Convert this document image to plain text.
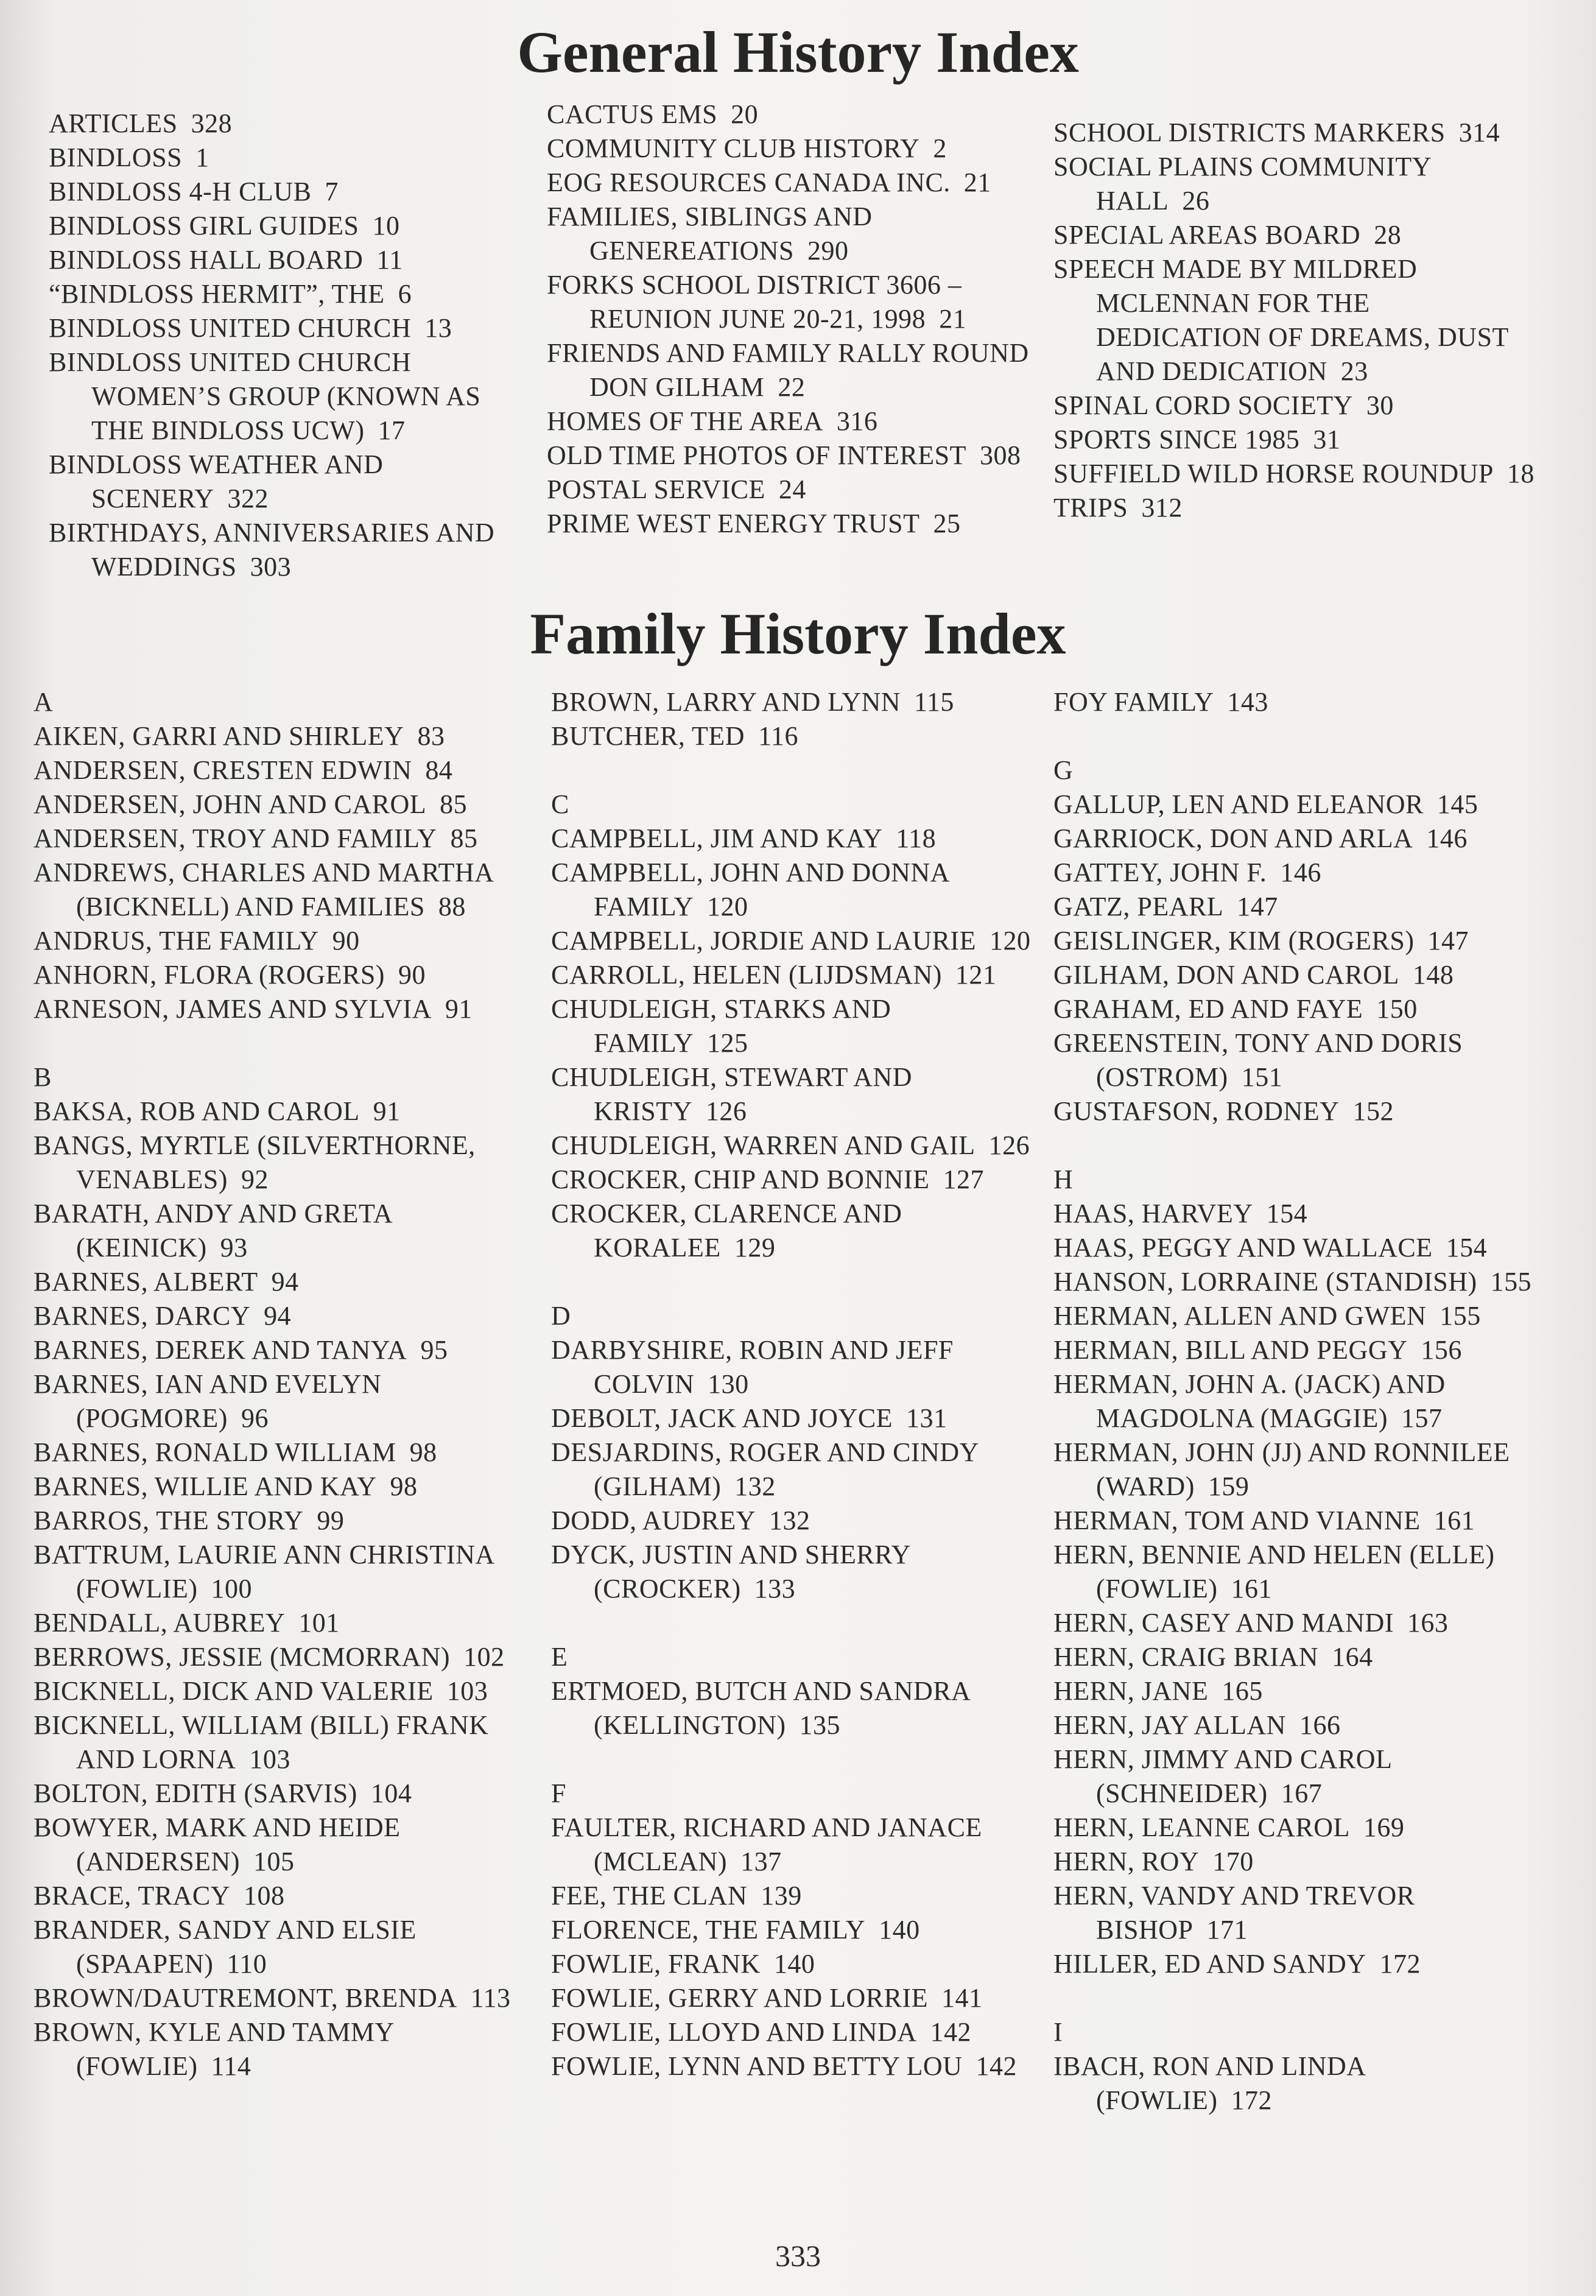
General History Index
ARTICLES 328
BINDLOSS 1
BINDLOSS 4-H CLUB 7
BINDLOSS GIRL GUIDES 10
BINDLOSS HALL BOARD 11
“BINDLOSS HERMIT”, THE 6
BINDLOSS UNITED CHURCH 13
BINDLOSS UNITED CHURCH WOMEN’S GROUP (KNOWN AS THE BINDLOSS UCW) 17
BINDLOSS WEATHER AND SCENERY 322
BIRTHDAYS, ANNIVERSARIES AND WEDDINGS 303
CACTUS EMS 20
COMMUNITY CLUB HISTORY 2
EOG RESOURCES CANADA INC. 21
FAMILIES, SIBLINGS AND GENEREATIONS 290
FORKS SCHOOL DISTRICT 3606 – REUNION JUNE 20-21, 1998 21
FRIENDS AND FAMILY RALLY ROUND DON GILHAM 22
HOMES OF THE AREA 316
OLD TIME PHOTOS OF INTEREST 308
POSTAL SERVICE 24
PRIME WEST ENERGY TRUST 25
SCHOOL DISTRICTS MARKERS 314
SOCIAL PLAINS COMMUNITY HALL 26
SPECIAL AREAS BOARD 28
SPEECH MADE BY MILDRED MCLENNAN FOR THE DEDICATION OF DREAMS, DUST AND DEDICATION 23
SPINAL CORD SOCIETY 30
SPORTS SINCE 1985 31
SUFFIELD WILD HORSE ROUNDUP 18
TRIPS 312
Family History Index
A
AIKEN, GARRI AND SHIRLEY 83
ANDERSEN, CRESTEN EDWIN 84
ANDERSEN, JOHN AND CAROL 85
ANDERSEN, TROY AND FAMILY 85
ANDREWS, CHARLES AND MARTHA (BICKNELL) AND FAMILIES 88
ANDRUS, THE FAMILY 90
ANHORN, FLORA (ROGERS) 90
ARNESON, JAMES AND SYLVIA 91
B
BAKSA, ROB AND CAROL 91
BANGS, MYRTLE (SILVERTHORNE, VENABLES) 92
BARATH, ANDY AND GRETA (KEINICK) 93
BARNES, ALBERT 94
BARNES, DARCY 94
BARNES, DEREK AND TANYA 95
BARNES, IAN AND EVELYN (POGMORE) 96
BARNES, RONALD WILLIAM 98
BARNES, WILLIE AND KAY 98
BARROS, THE STORY 99
BATTRUM, LAURIE ANN CHRISTINA (FOWLIE) 100
BENDALL, AUBREY 101
BERROWS, JESSIE (MCMORRAN) 102
BICKNELL, DICK AND VALERIE 103
BICKNELL, WILLIAM (BILL) FRANK AND LORNA 103
BOLTON, EDITH (SARVIS) 104
BOWYER, MARK AND HEIDE (ANDERSEN) 105
BRACE, TRACY 108
BRANDER, SANDY AND ELSIE (SPAAPEN) 110
BROWN/DAUTREMONT, BRENDA 113
BROWN, KYLE AND TAMMY (FOWLIE) 114
BROWN, LARRY AND LYNN 115
BUTCHER, TED 116
C
CAMPBELL, JIM AND KAY 118
CAMPBELL, JOHN AND DONNA FAMILY 120
CAMPBELL, JORDIE AND LAURIE 120
CARROLL, HELEN (LIJDSMAN) 121
CHUDLEIGH, STARKS AND FAMILY 125
CHUDLEIGH, STEWART AND KRISTY 126
CHUDLEIGH, WARREN AND GAIL 126
CROCKER, CHIP AND BONNIE 127
CROCKER, CLARENCE AND KORALEE 129
D
DARBYSHIRE, ROBIN AND JEFF COLVIN 130
DEBOLT, JACK AND JOYCE 131
DESJARDINS, ROGER AND CINDY (GILHAM) 132
DODD, AUDREY 132
DYCK, JUSTIN AND SHERRY (CROCKER) 133
E
ERTMOED, BUTCH AND SANDRA (KELLINGTON) 135
F
FAULTER, RICHARD AND JANACE (MCLEAN) 137
FEE, THE CLAN 139
FLORENCE, THE FAMILY 140
FOWLIE, FRANK 140
FOWLIE, GERRY AND LORRIE 141
FOWLIE, LLOYD AND LINDA 142
FOWLIE, LYNN AND BETTY LOU 142
FOY FAMILY 143
G
GALLUP, LEN AND ELEANOR 145
GARRIOCK, DON AND ARLA 146
GATTEY, JOHN F. 146
GATZ, PEARL 147
GEISLINGER, KIM (ROGERS) 147
GILHAM, DON AND CAROL 148
GRAHAM, ED AND FAYE 150
GREENSTEIN, TONY AND DORIS (OSTROM) 151
GUSTAFSON, RODNEY 152
H
HAAS, HARVEY 154
HAAS, PEGGY AND WALLACE 154
HANSON, LORRAINE (STANDISH) 155
HERMAN, ALLEN AND GWEN 155
HERMAN, BILL AND PEGGY 156
HERMAN, JOHN A. (JACK) AND MAGDOLNA (MAGGIE) 157
HERMAN, JOHN (JJ) AND RONNILEE (WARD) 159
HERMAN, TOM AND VIANNE 161
HERN, BENNIE AND HELEN (ELLE) (FOWLIE) 161
HERN, CASEY AND MANDI 163
HERN, CRAIG BRIAN 164
HERN, JANE 165
HERN, JAY ALLAN 166
HERN, JIMMY AND CAROL (SCHNEIDER) 167
HERN, LEANNE CAROL 169
HERN, ROY 170
HERN, VANDY AND TREVOR BISHOP 171
HILLER, ED AND SANDY 172
I
IBACH, RON AND LINDA (FOWLIE) 172
333
